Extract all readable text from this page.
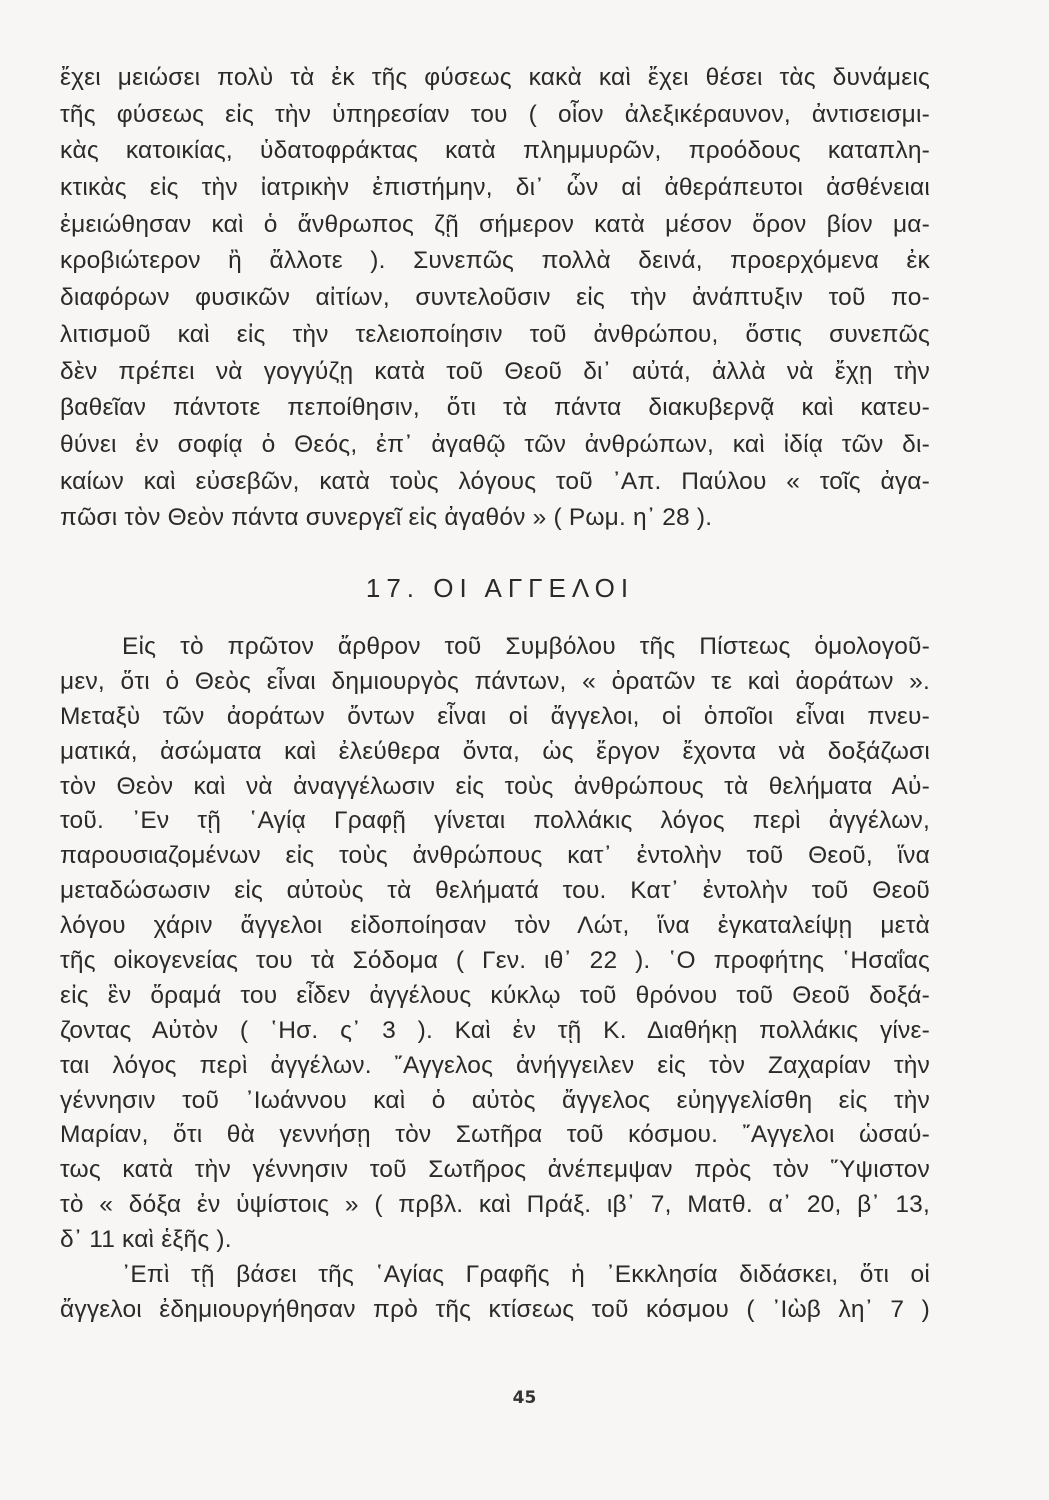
ἔχει μειώσει πολὺ τὰ ἐκ τῆς φύσεως κακὰ καὶ ἔχει θέσει τὰς δυνάμεις
τῆς φύσεως εἰς τὴν ὑπηρεσίαν του ( οἷον ἀλεξικέραυνον, ἀντισεισμι-
κὰς κατοικίας, ὑδατοφράκτας κατὰ πλημμυρῶν, προόδους καταπλη-
κτικὰς εἰς τὴν ἰατρικὴν ἐπιστήμην, δι᾽ ὧν αἱ ἀθεράπευτοι ἀσθένειαι
ἐμειώθησαν καὶ ὁ ἄνθρωπος ζῇ σήμερον κατὰ μέσον ὅρον βίον μα-
κροβιώτερον ἢ ἄλλοτε ). Συνεπῶς πολλὰ δεινά, προερχόμενα ἐκ
διαφόρων φυσικῶν αἰτίων, συντελοῦσιν εἰς τὴν ἀνάπτυξιν τοῦ πο-
λιτισμοῦ καὶ εἰς τὴν τελειοποίησιν τοῦ ἀνθρώπου, ὅστις συνεπῶς
δὲν πρέπει νὰ γογγύζῃ κατὰ τοῦ Θεοῦ δι᾽ αὐτά, ἀλλὰ νὰ ἔχῃ τὴν
βαθεῖαν πάντοτε πεποίθησιν, ὅτι τὰ πάντα διακυβερνᾷ καὶ κατευ-
θύνει ἐν σοφίᾳ ὁ Θεός, ἐπ᾽ ἀγαθῷ τῶν ἀνθρώπων, καὶ ἰδίᾳ τῶν δι-
καίων καὶ εὐσεβῶν, κατὰ τοὺς λόγους τοῦ ᾿Απ. Παύλου « τοῖς ἀγα-
πῶσι τὸν Θεὸν πάντα συνεργεῖ εἰς ἀγαθόν » ( Ρωμ. η᾽ 28 ).
17. ΟΙ ΑΓΓΕΛΟΙ
Εἰς τὸ πρῶτον ἄρθρον τοῦ Συμβόλου τῆς Πίστεως ὁμολογοῦ-
μεν, ὅτι ὁ Θεὸς εἶναι δημιουργὸς πάντων, « ὁρατῶν τε καὶ ἀοράτων ».
Μεταξὺ τῶν ἀοράτων ὄντων εἶναι οἱ ἄγγελοι, οἱ ὁποῖοι εἶναι πνευ-
ματικά, ἀσώματα καὶ ἐλεύθερα ὄντα, ὡς ἔργον ἔχοντα νὰ δοξάζωσι
τὸν Θεὸν καὶ νὰ ἀναγγέλωσιν εἰς τοὺς ἀνθρώπους τὰ θελήματα Αὐ-
τοῦ. ᾿Εν τῇ ῾Αγίᾳ Γραφῇ γίνεται πολλάκις λόγος περὶ ἀγγέλων,
παρουσιαζομένων εἰς τοὺς ἀνθρώπους κατ᾽ ἐντολὴν τοῦ Θεοῦ, ἵνα
μεταδώσωσιν εἰς αὐτοὺς τὰ θελήματά του. Κατ᾽ ἐντολὴν τοῦ Θεοῦ
λόγου χάριν ἄγγελοι εἰδοποίησαν τὸν Λώτ, ἵνα ἐγκαταλείψῃ μετὰ
τῆς οἰκογενείας του τὰ Σόδομα ( Γεν. ιθ᾽ 22 ). ῾Ο προφήτης ῾Ησαΐας
εἰς ἓν ὅραμά του εἶδεν ἀγγέλους κύκλῳ τοῦ θρόνου τοῦ Θεοῦ δοξά-
ζοντας Αὐτὸν ( ῾Ησ. ς᾽ 3 ). Καὶ ἐν τῇ Κ. Διαθήκῃ πολλάκις γίνε-
ται λόγος περὶ ἀγγέλων. ῎Αγγελος ἀνήγγειλεν εἰς τὸν Ζαχαρίαν τὴν
γέννησιν τοῦ ᾿Ιωάννου καὶ ὁ αὐτὸς ἄγγελος εὐηγγελίσθη εἰς τὴν
Μαρίαν, ὅτι θὰ γεννήσῃ τὸν Σωτῆρα τοῦ κόσμου. ῎Αγγελοι ὡσαύ-
τως κατὰ τὴν γέννησιν τοῦ Σωτῆρος ἀνέπεμψαν πρὸς τὸν ῞Υψιστον
τὸ « δόξα ἐν ὑψίστοις » ( πρβλ. καὶ Πράξ. ιβ᾽ 7, Ματθ. α᾽ 20, β᾽ 13,
δ᾽ 11 καὶ ἑξῆς ).
᾿Επὶ τῇ βάσει τῆς ῾Αγίας Γραφῆς ἡ ᾿Εκκλησία διδάσκει, ὅτι οἱ
ἄγγελοι ἐδημιουργήθησαν πρὸ τῆς κτίσεως τοῦ κόσμου ( ᾿Ιὼβ λη᾽ 7 )
45
